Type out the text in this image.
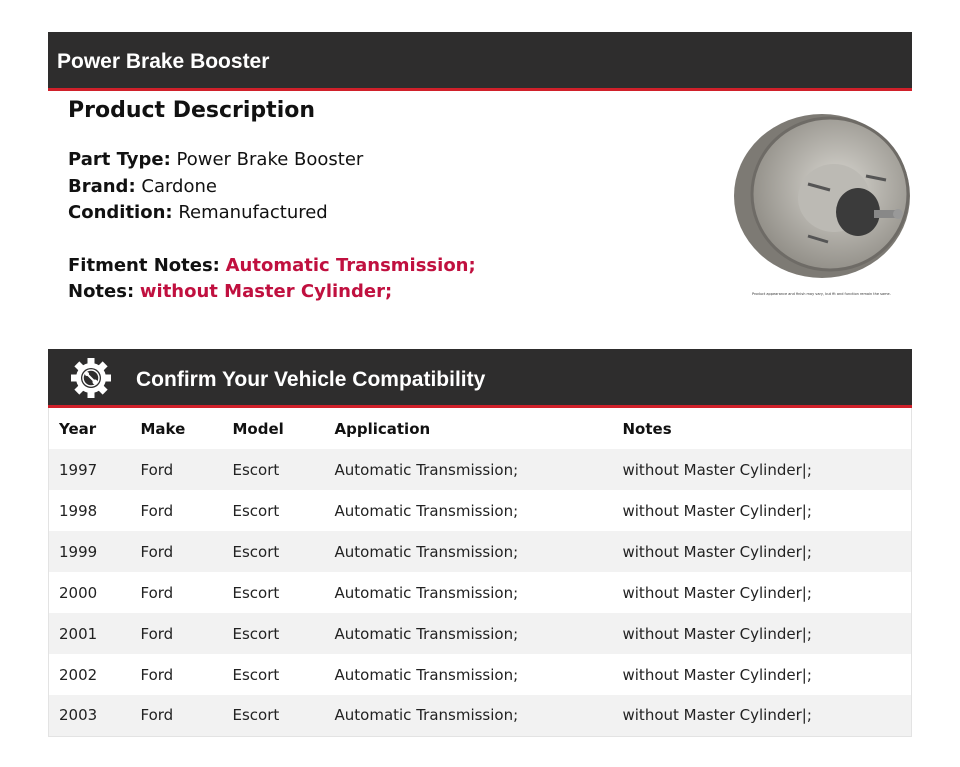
Power Brake Booster
Product Description
Part Type: Power Brake Booster
Brand: Cardone
Condition: Remanufactured
Fitment Notes: Automatic Transmission;
Notes: without Master Cylinder;	Product appearance and finish may vary, but fit and function remain the same.
Confirm Your Vehicle Compatibility
Year	Make	Model	Application	Notes
1997	Ford	Escort	Automatic Transmission;	without Master Cylinder|;
1998	Ford	Escort	Automatic Transmission;	without Master Cylinder|;
1999	Ford	Escort	Automatic Transmission;	without Master Cylinder|;
2000	Ford	Escort	Automatic Transmission;	without Master Cylinder|;
2001	Ford	Escort	Automatic Transmission;	without Master Cylinder|;
2002	Ford	Escort	Automatic Transmission;	without Master Cylinder|;
2003	Ford	Escort	Automatic Transmission;	without Master Cylinder|;
